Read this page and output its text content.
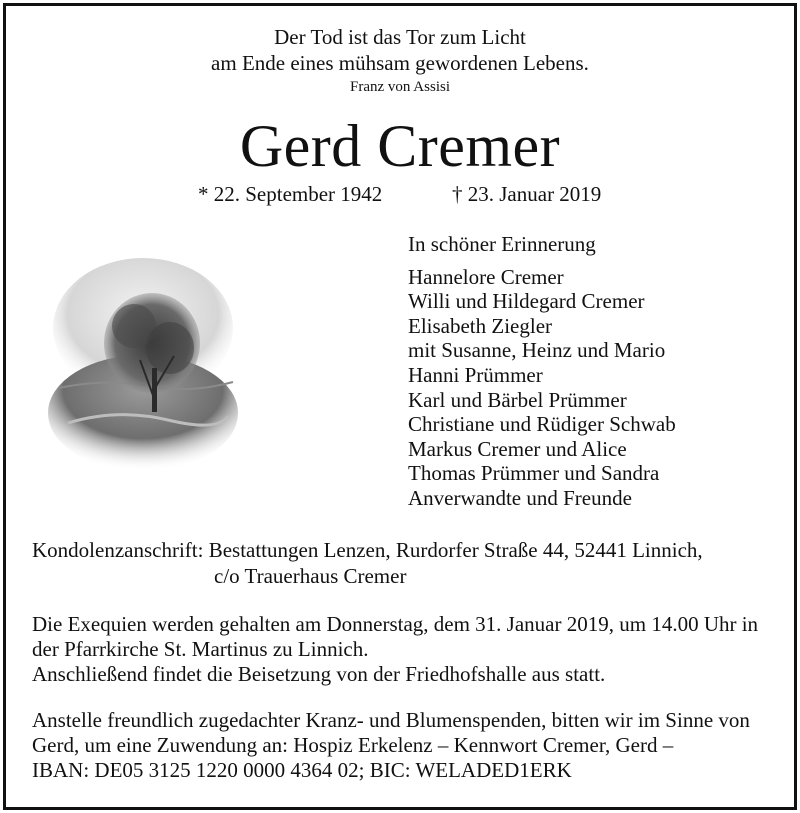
Der Tod ist das Tor zum Licht
am Ende eines mühsam gewordenen Lebens.
Franz von Assisi
Gerd Cremer
* 22. September 1942	† 23. Januar 2019
In schöner Erinnerung
Hannelore Cremer
Willi und Hildegard Cremer
Elisabeth Ziegler
mit Susanne, Heinz und Mario
Hanni Prümmer
Karl und Bärbel Prümmer
Christiane und Rüdiger Schwab
Markus Cremer und Alice
Thomas Prümmer und Sandra
Anverwandte und Freunde
Kondolenzanschrift: Bestattungen Lenzen, Rurdorfer Straße 44, 52441 Linnich,
c/o Trauerhaus Cremer
Die Exequien werden gehalten am Donnerstag, dem 31. Januar 2019, um 14.00 Uhr in
der Pfarrkirche St. Martinus zu Linnich.
Anschließend findet die Beisetzung von der Friedhofshalle aus statt.
Anstelle freundlich zugedachter Kranz- und Blumenspenden, bitten wir im Sinne von
Gerd, um eine Zuwendung an: Hospiz Erkelenz – Kennwort Cremer, Gerd –
IBAN: DE05 3125 1220 0000 4364 02; BIC: WELADED1ERK
